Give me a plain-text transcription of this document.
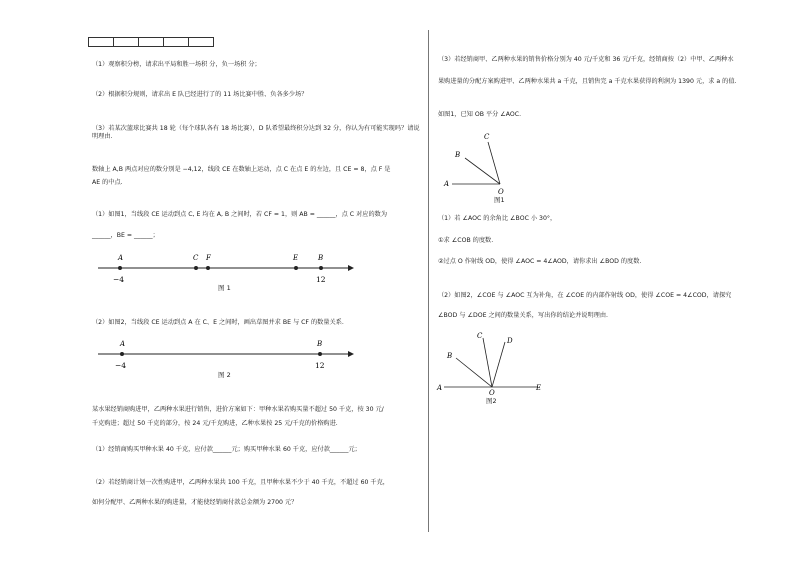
（1）观察积分榜，请求出平局和胜一场积 分，负一场积 分；
（2）根据积分规则，请求出 E 队已经进行了的 11 场比赛中胜、负各多少场？
（3）若某次篮球比赛共 18 轮（每个球队各有 18 场比赛），D 队希望最终积分达到 32 分，你认为有可能实现吗？请说明理由.
数轴上 A,B 两点对应的数分别是 −4,12，线段 CE 在数轴上运动，点 C 在点 E 的左边，且 CE = 8，点 F 是
AE 的中点.
（1）如图1，当线段 CE 运动到点 C, E 均在 A, B 之间时，若 CF = 1，则 AB = ______，点 C 对应的数为
______，BE = ______；
A	C F	E	B
−4	12
图 1
（2）如图2，当线段 CE 运动到点 A 在 C、E 之间时，画出草图并求 BE 与 CF 的数量关系.
A	B
−4	12
图 2
某水果经销商购进甲，乙两种水果进行销售，进价方案如下：甲种水果若购买量不超过 50 千克，按 30 元/
千克购进；超过 50 千克的部分，按 24 元/千克购进，乙种水果按 25 元/千克的价格购进.
（1）经销商购买甲种水果 40 千克，应付款______元；购买甲种水果 60 千克，应付款______元；
（2）若经销商计划一次性购进甲，乙两种水果共 100 千克，且甲种水果不少于 40 千克，不超过 60 千克，
如何分配甲、乙两种水果的购进量，才能使经销商付款总金额为 2700 元？
（3）若经销商甲、乙两种水果的销售价格分别为 40 元/千克和 36 元/千克，经销商按（2）中甲、乙两种水
果购进量的分配方案购进甲、乙两种水果共 a 千克，且销售完 a 千克水果获得的利润为 1390 元，求 a 的值.
如图1，已知 OB 平分 ∠AOC.
A
B
C
O
图1
（1）若 ∠AOC 的余角比 ∠BOC 小 30°，
①求 ∠COB 的度数.
②过点 O 作射线 OD，使得 ∠AOC = 4∠AOD，请你求出 ∠BOD 的度数.
（2）如图2，∠COE 与 ∠AOC 互为补角，在 ∠COE 的内部作射线 OD，使得 ∠COE = 4∠COD，请探究
∠BOD 与 ∠DOE 之间的数量关系，写出你的结论并说明理由.
A
B
C
D
O
E
图2
